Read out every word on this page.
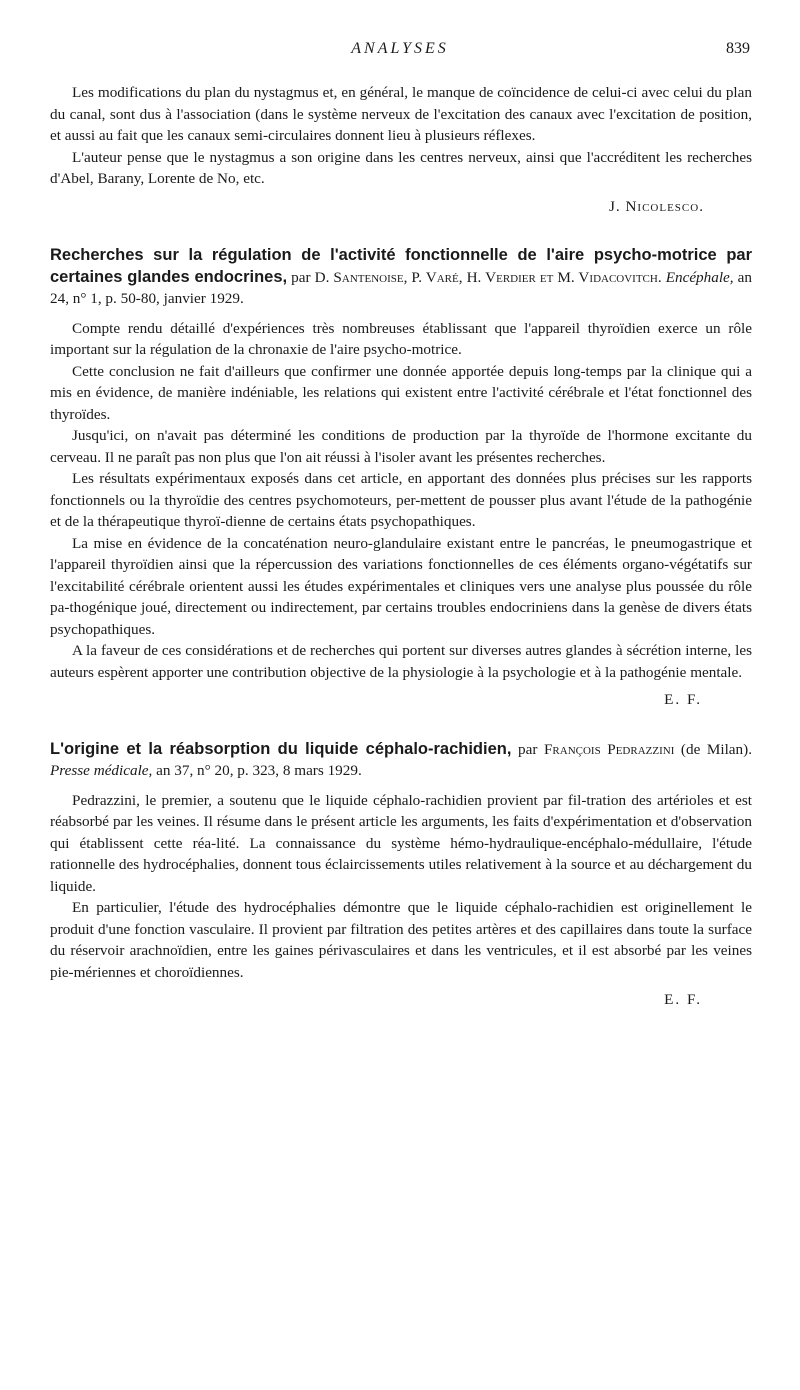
ANALYSES	839

Les modifications du plan du nystagmus et, en général, le manque de coïncidence de celui-ci avec celui du plan du canal, sont dus à l'association (dans le système nerveux de l'excitation des canaux avec l'excitation de position, et aussi au fait que les canaux semi-circulaires donnent lieu à plusieurs réflexes.

L'auteur pense que le nystagmus a son origine dans les centres nerveux, ainsi que l'accréditent les recherches d'Abel, Barany, Lorente de No, etc.

J. Nicolesco.
Recherches sur la régulation de l'activité fonctionnelle de l'aire psycho-motrice par certaines glandes endocrines, par D. Santenoise, P. Varé, H. Verdier et M. Vidacovitch. Encéphale, an 24, n° 1, p. 50-80, janvier 1929.

Compte rendu détaillé d'expériences très nombreuses établissant que l'appareil thyroïdien exerce un rôle important sur la régulation de la chronaxie de l'aire psycho-motrice.

Cette conclusion ne fait d'ailleurs que confirmer une donnée apportée depuis long-temps par la clinique qui a mis en évidence, de manière indéniable, les relations qui existent entre l'activité cérébrale et l'état fonctionnel des thyroïdes.

Jusqu'ici, on n'avait pas déterminé les conditions de production par la thyroïde de l'hormone excitante du cerveau. Il ne paraît pas non plus que l'on ait réussi à l'isoler avant les présentes recherches.

Les résultats expérimentaux exposés dans cet article, en apportant des données plus précises sur les rapports fonctionnels ou la thyroïdie des centres psychomoteurs, per-mettent de pousser plus avant l'étude de la pathogénie et de la thérapeutique thyroï-dienne de certains états psychopathiques.

La mise en évidence de la concaténation neuro-glandulaire existant entre le pancréas, le pneumogastrique et l'appareil thyroïdien ainsi que la répercussion des variations fonctionnelles de ces éléments organo-végétatifs sur l'excitabilité cérébrale orientent aussi les études expérimentales et cliniques vers une analyse plus poussée du rôle pa-thogénique joué, directement ou indirectement, par certains troubles endocriniens dans la genèse de divers états psychopathiques.

A la faveur de ces considérations et de recherches qui portent sur diverses autres glandes à sécrétion interne, les auteurs espèrent apporter une contribution objective de la physiologie à la psychologie et à la pathogénie mentale.

E. F.
L'origine et la réabsorption du liquide céphalo-rachidien, par François Pedrazzini (de Milan). Presse médicale, an 37, n° 20, p. 323, 8 mars 1929.

Pedrazzini, le premier, a soutenu que le liquide céphalo-rachidien provient par fil-tration des artérioles et est réabsorbé par les veines. Il résume dans le présent article les arguments, les faits d'expérimentation et d'observation qui établissent cette réa-lité. La connaissance du système hémo-hydraulique-encéphalo-médullaire, l'étude rationnelle des hydrocéphalies, donnent tous éclaircissements utiles relativement à la source et au déchargement du liquide.

En particulier, l'étude des hydrocéphalies démontre que le liquide céphalo-rachidien est originellement le produit d'une fonction vasculaire. Il provient par filtration des petites artères et des capillaires dans toute la surface du réservoir arachnoïdien, entre les gaines périvasculaires et dans les ventricules, et il est absorbé par les veines pie-mériennes et choroïdiennes.

E. F.
